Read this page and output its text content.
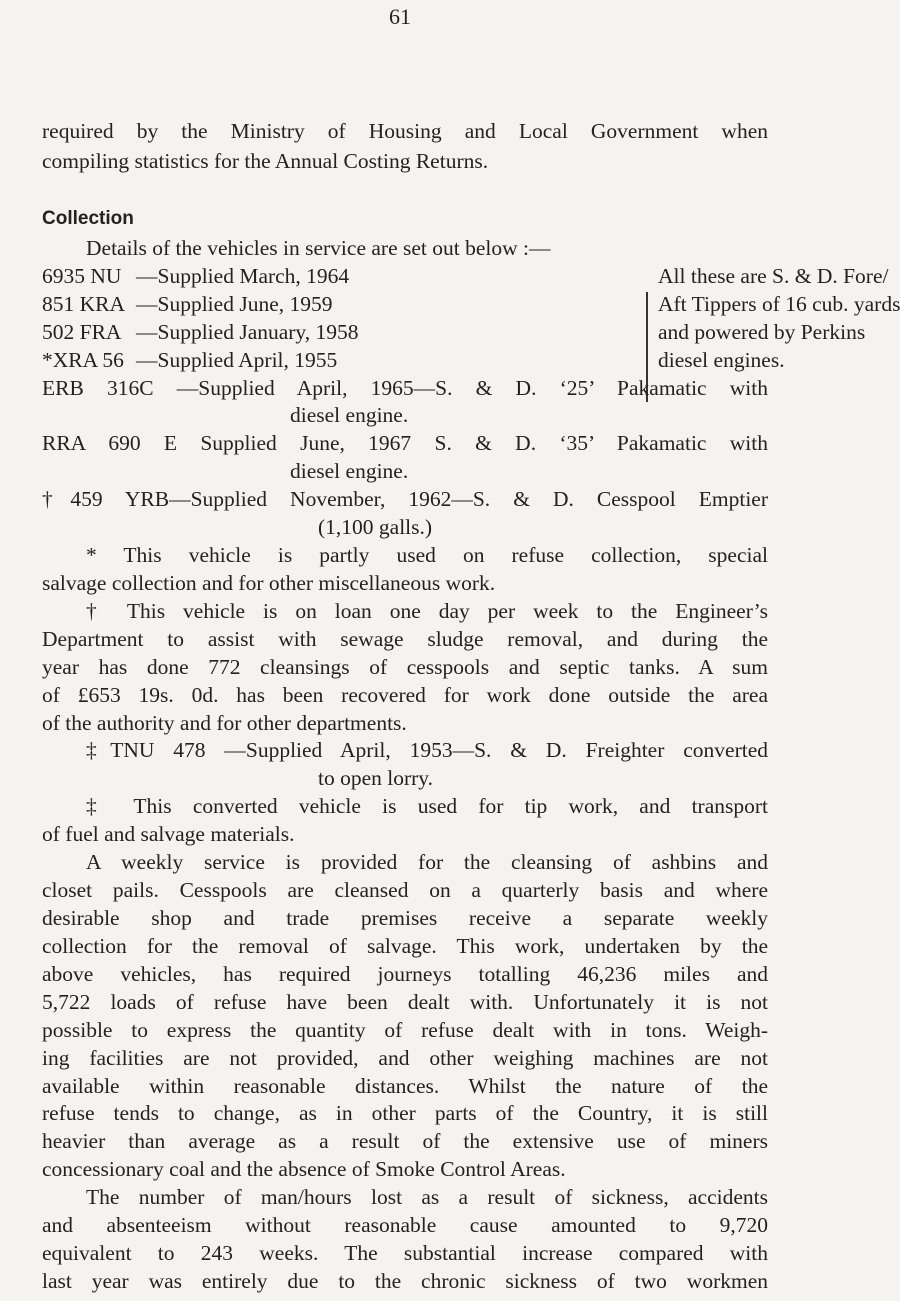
61
required by the Ministry of Housing and Local Government when
compiling statistics for the Annual Costing Returns.
Collection
Details of the vehicles in service are set out below :—
6935 NU —Supplied March, 1964
851 KRA —Supplied June, 1959
502 FRA —Supplied January, 1958
*XRA 56 —Supplied April, 1955
All these are S. & D. Fore/
Aft Tippers of 16 cub. yards
and powered by Perkins
diesel engines.
ERB 316C —Supplied April, 1965—S. & D. ‘25’ Pakamatic with
diesel engine.
RRA 690 E Supplied June, 1967 S. & D. ‘35’ Pakamatic with
diesel engine.
†459 YRB—Supplied November, 1962—S. & D. Cesspool Emptier
(1,100 galls.)
* This vehicle is partly used on refuse collection, special
salvage collection and for other miscellaneous work.
† This vehicle is on loan one day per week to the Engineer’s
Department to assist with sewage sludge removal, and during the
year has done 772 cleansings of cesspools and septic tanks. A sum
of £653 19s. 0d. has been recovered for work done outside the area
of the authority and for other departments.
‡TNU 478 —Supplied April, 1953—S. & D. Freighter converted
to open lorry.
‡ This converted vehicle is used for tip work, and transport
of fuel and salvage materials.
A weekly service is provided for the cleansing of ashbins and
closet pails. Cesspools are cleansed on a quarterly basis and where
desirable shop and trade premises receive a separate weekly
collection for the removal of salvage. This work, undertaken by the
above vehicles, has required journeys totalling 46,236 miles and
5,722 loads of refuse have been dealt with. Unfortunately it is not
possible to express the quantity of refuse dealt with in tons. Weigh-
ing facilities are not provided, and other weighing machines are not
available within reasonable distances. Whilst the nature of the
refuse tends to change, as in other parts of the Country, it is still
heavier than average as a result of the extensive use of miners
concessionary coal and the absence of Smoke Control Areas.
The number of man/hours lost as a result of sickness, accidents
and absenteeism without reasonable cause amounted to 9,720
equivalent to 243 weeks. The substantial increase compared with
last year was entirely due to the chronic sickness of two workmen
